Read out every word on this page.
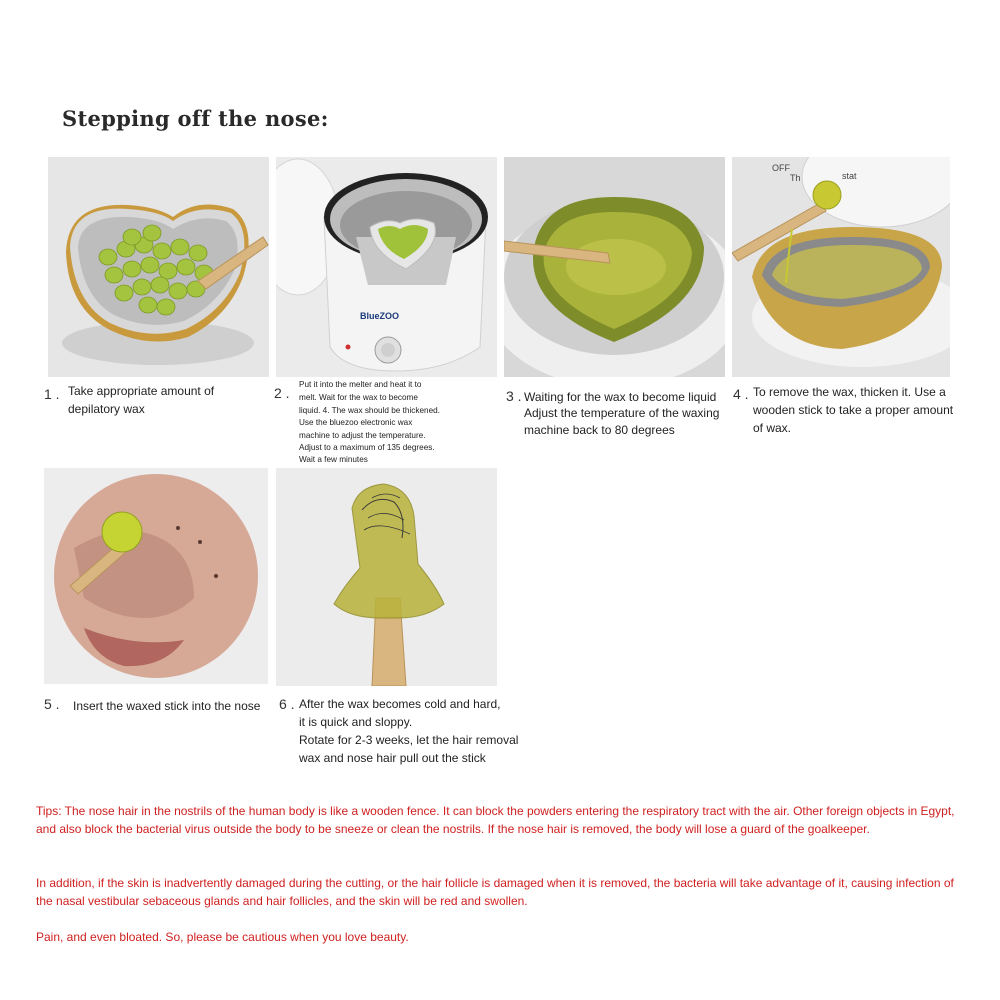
Stepping off the nose:
BlueZOO
OFF
Th	stat
1 . Take appropriate amount of
depilatory wax
2 .
Put it into the melter and heat it to
melt. Wait for the wax to become
liquid. 4. The wax should be thickened.
Use the bluezoo electronic wax
machine to adjust the temperature.
Adjust to a maximum of 135 degrees.
Wait a few minutes
3 . Waiting for the wax to become liquid
Adjust the temperature of the waxing
machine back to 80 degrees
4 . To remove the wax, thicken it. Use a
wooden stick to take a proper amount
of wax.
5 . Insert the waxed stick into the nose 6 . After the wax becomes cold and hard,
it is quick and sloppy.
Rotate for 2-3 weeks, let the hair removal
wax and nose hair pull out the stick

Tips: The nose hair in the nostrils of the human body is like a wooden fence. It can block the powders entering the respiratory tract with the air. Other foreign objects in Egypt, and also block the bacterial virus outside the body to be sneeze or clean the nostrils. If the nose hair is removed, the body will lose a guard of the goalkeeper.

In addition, if the skin is inadvertently damaged during the cutting, or the hair follicle is damaged when it is removed, the bacteria will take advantage of it, causing infection of the nasal vestibular sebaceous glands and hair follicles, and the skin will be red and swollen.

Pain, and even bloated. So, please be cautious when you love beauty.
